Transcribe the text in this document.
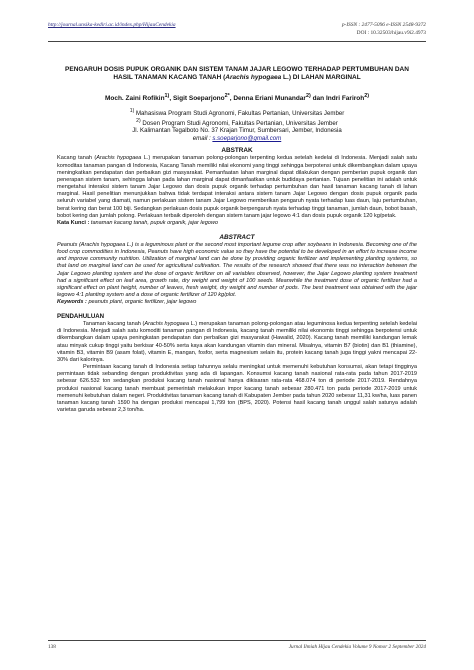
http://journal.unsika-kediri.ac.id/index.php/HijauCendekia	p-ISSN : 2477-5096 e-ISSN 2548-9372
DOI : 10.32503/hijau.v9i2.4973
PENGARUH DOSIS PUPUK ORGANIK DAN SISTEM TANAM JAJAR LEGOWO TERHADAP PERTUMBUHAN DAN HASIL TANAMAN KACANG TANAH (Arachis hypogaea L.) DI LAHAN MARGINAL
Moch. Zaini Rofikin$^{1)}$, Sigit Soeparjono$^{2*}$, Denna Eriani Munandar$^{2)}$ dan Indri Fariroh$^{2)}$
$^{1)}$ Mahasiswa Program Studi Agronomi, Fakultas Pertanian, Universitas Jember
$^{2)}$ Dosen Program Studi Agronomi, Fakultas Pertanian, Universitas Jember
Jl. Kalimantan Tegalboto No. 37 Krajan Timur, Sumbersari, Jember, Indonesia
email : s.soeparjono@gmail.com
ABSTRAK

Kacang tanah (Arachis hypogaea L.) merupakan tanaman polong-polongan terpenting kedua setelah kedelai di Indonesia. Menjadi salah satu komoditas tanaman pangan di Indonesia, Kacang Tanah memiliki nilai ekonomi yang tinggi sehingga berpotensi untuk dikembangkan dalam upaya meningkatkan pendapatan dan perbaikan gizi masyarakat. Pemanfaatan lahan marginal dapat dilakukan dengan pemberian pupuk organik dan penerapan sistem tanam, sehingga lahan pada lahan marginal dapat dimanfaatkan untuk budidaya pertanian. Tujuan penelitian ini adalah untuk mengetahui interaksi sistem tanam Jajar Legowo dan dosis pupuk organik terhadap pertumbuhan dan hasil tanaman kacang tanah di lahan marginal. Hasil penelitian menunjukkan bahwa tidak terdapat interaksi antara sistem tanam Jajar Legowo dengan dosis pupuk organik pada seluruh variabel yang diamati, namun perlakuan sistem tanam Jajar Legowo memberikan pengaruh nyata terhadap luas daun, laju pertumbuhan, berat kering dan berat 100 biji. Sedangkan perlakuan dosis pupuk organik berpengaruh nyata terhadap tinggi tanaman, jumlah daun, bobot basah, bobot kering dan jumlah polong. Perlakuan terbaik diperoleh dengan sistem tanam jajar legowo 4:1 dan dosis pupuk organik 120 kg/petak.

Kata Kunci : tanaman kacang tanah, pupuk organik, jajar legowo

ABSTRACT

Peanuts (Arachis hypogaea L.) is a leguminous plant or the second most important legume crop after soybeans in Indonesia. Becoming one of the food crop commodities in Indonesia, Peanuts have high economic value so they have the potential to be developed in an effort to increase income and improve community nutrition. Utilization of marginal land can be done by providing organic fertilizer and implementing planting systems, so that land on marginal land can be used for agricultural cultivation. The results of the research showed that there was no interaction between the Jajar Legowo planting system and the dose of organic fertilizer on all variables observed, however, the Jajar Legowo planting system treatment had a significant effect on leaf area, growth rate, dry weight and weight of 100 seeds. Meanwhile the treatment dose of organic fertilizer had a significant effect on plant height, number of leaves, fresh weight, dry weight and number of pods. The best treatment was obtained with the jajar legowo 4:1 planting system and a dose of organic fertilizer of 120 kg/plot.

Keywords : peanuts plant, organic fertilizer, jajar legowo

PENDAHULUAN

Tanaman kacang tanah (Arachis hypogaea L.) merupakan tanaman polong-polongan atau leguminosa kedua terpenting setelah kedelai di Indonesia. Menjadi salah satu komoditi tanaman pangan di Indonesia, kacang tanah memiliki nilai ekonomis tinggi sehingga berpotensi untuk dikembangkan dalam upaya peningkatan pendapatan dan perbaikan gizi masyarakat (Hawalid, 2020). Kacang tanah memiliki kandungan lemak atau minyak cukup tinggi yaitu berkisar 40-50% serta kaya akan kandungan vitamin dan mineral. Misalnya, vitamin B7 (biotin) dan B1 (thiamine), vitamin B3, vitamin B9 (asam folat), vitamin E, mangan, fosfor, serta magnesium selain itu, protein kacang tanah juga tinggi yakni mencapai 22-30% dari kalorinya.

Permintaan kacang tanah di Indonesia setiap tahunnya selalu meningkat untuk memenuhi kebutuhan konsumsi, akan tetapi tingginya permintaan tidak sebanding dengan produktivitas yang ada di lapangan. Konsumsi kacang tanah nasional rata-rata pada tahun 2017-2019 sebesar 626.532 ton sedangkan produksi kacang tanah nasional hanya dikisaran rata-rata 468.074 ton di periode 2017-2019. Rendahnya produksi nasional kacang tanah membuat pemerintah melakukan impor kacang tanah sebesar 280.471 ton pada periode 2017-2019 untuk memenuhi kebutuhan dalam negeri. Produktivitas tanaman kacang tanah di Kabupaten Jember pada tahun 2020 sebesar 11,31 kw/ha, luas panen tanaman kacang tanah 1590 ha dengan produksi mencapai 1,799 ton (BPS, 2020). Potensi hasil kacang tanah unggul salah satunya adalah varietas garuda sebesar 2,3 ton/ha.

138	Jurnal Ilmiah Hijau Cendekia Volume 9 Nomor 2 September 2024
